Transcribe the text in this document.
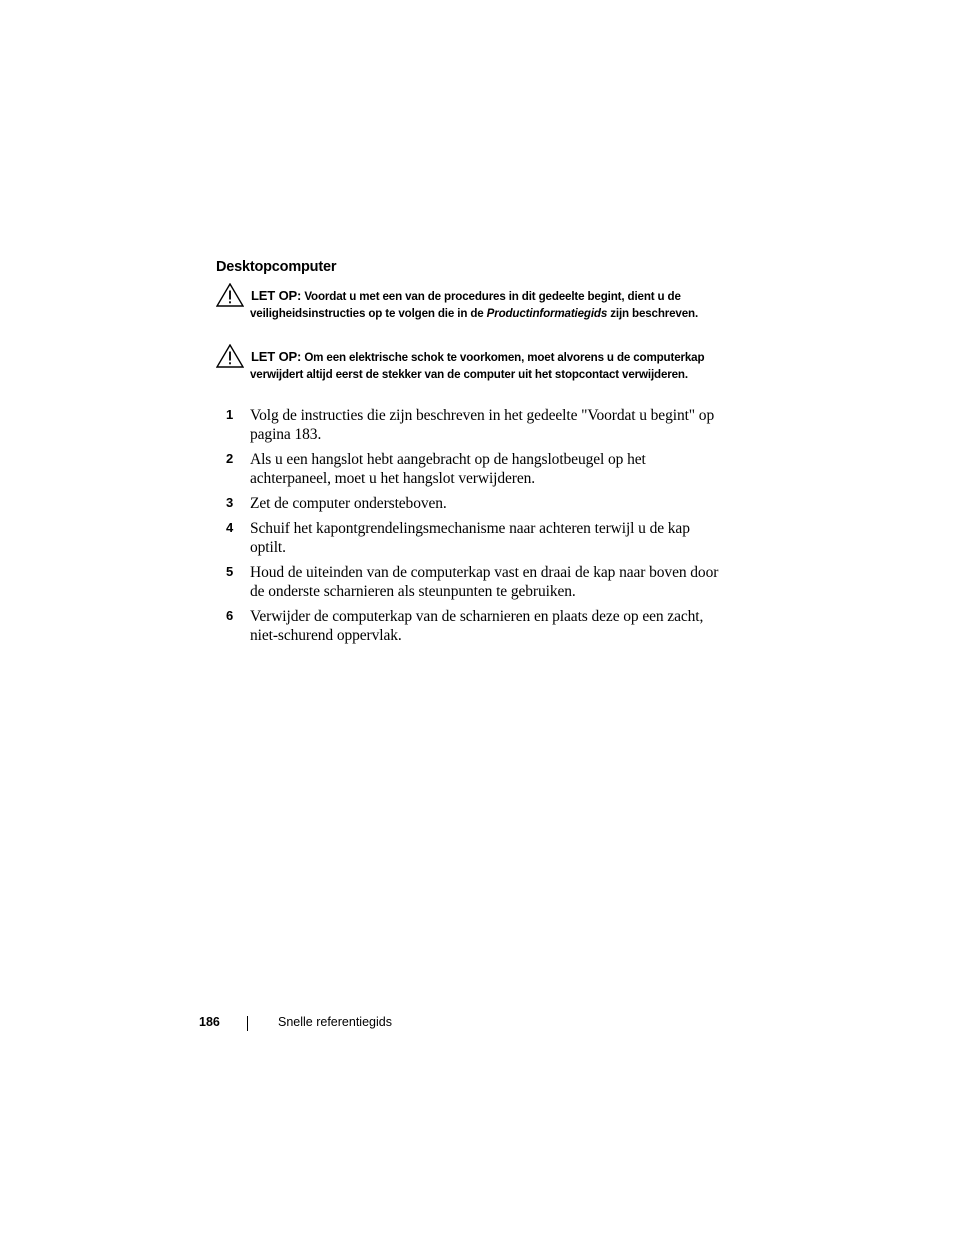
Desktopcomputer
LET OP: Voordat u met een van de procedures in dit gedeelte begint, dient u de veiligheidsinstructies op te volgen die in de Productinformatiegids zijn beschreven.
LET OP: Om een elektrische schok te voorkomen, moet alvorens u de computerkap verwijdert altijd eerst de stekker van de computer uit het stopcontact verwijderen.
1 Volg de instructies die zijn beschreven in het gedeelte "Voordat u begint" op pagina 183.
2 Als u een hangslot hebt aangebracht op de hangslotbeugel op het achterpaneel, moet u het hangslot verwijderen.
3 Zet de computer ondersteboven.
4 Schuif het kapontgrendelingsmechanisme naar achteren terwijl u de kap optilt.
5 Houd de uiteinden van de computerkap vast en draai de kap naar boven door de onderste scharnieren als steunpunten te gebruiken.
6 Verwijder de computerkap van de scharnieren en plaats deze op een zacht, niet-schurend oppervlak.
186	Snelle referentiegids
